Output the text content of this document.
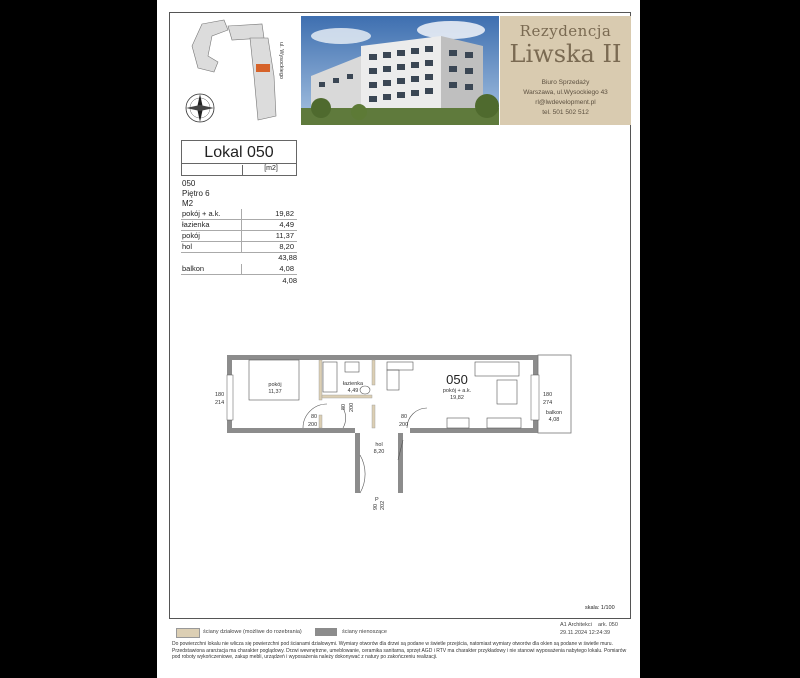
ul. Wysockiego
Rezydencja
Liwska II
Biuro Sprzedaży
Warszawa, ul.Wysockiego 43
rl@lwdevelopment.pl
tel. 501 502 512
Lokal 050
[m2]
050
Piętro 6
M2
pokój + a.k.	19,82
łazienka	4,49
pokój	11,37
hol	8,20
43,88
balkon	4,08
4,08
pokój
11,37
łazienka
4,49
050
pokój + a.k.
19,82
hol
8,20
balkon
4,08
180
214
180
274
80
200
80 200
80
200
90 202
P
skala: 1/100
ściany działowe (możliwe do rozebrania)	ściany nienoszące
A1 Architekci ark. 050
29.11.2024 12:24:39
Do powierzchni lokalu nie wlicza się powierzchni pod ścianami działowymi. Wymiary otworów dla drzwi są podane w świetle przejścia, natomiast wymiary otworów dla okien są podane w świetle muru. Przedstawiona aranżacja ma charakter poglądowy. Drzwi wewnętrzne, umeblowanie, ceramika sanitarna, sprzęt AGD i RTV ma charakter przykładowy i nie stanowi wyposażenia nabytego lokalu. Pomiarów pod roboty wykończeniowe, zakup mebli, urządzeń i wyposażenia należy dokonywać z natury po zakończeniu realizacji.
